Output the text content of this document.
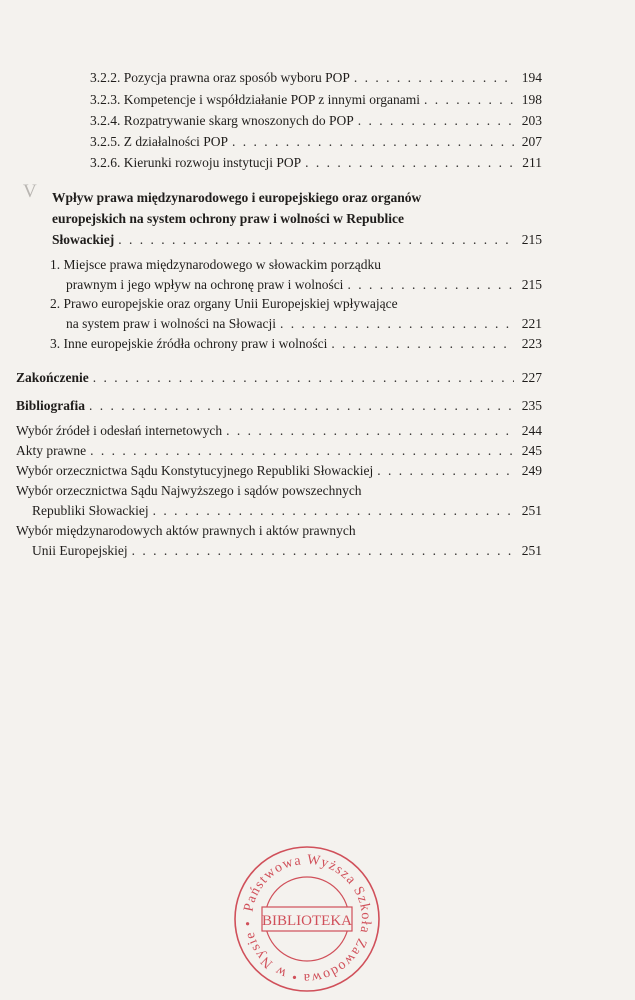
3.2.2. Pozycja prawna oraz sposób wyboru POP . . .	194
3.2.3. Kompetencje i współdziałanie POP z innymi organami . . .	198
3.2.4. Rozpatrywanie skarg wnoszonych do POP . . .	203
3.2.5. Z działalności POP . . .	207
3.2.6. Kierunki rozwoju instytucji POP . . .	211
V Wpływ prawa międzynarodowego i europejskiego oraz organów
europejskich na system ochrony praw i wolności w Republice
Słowackiej . . .	215
1. Miejsce prawa międzynarodowego w słowackim porządku
prawnym i jego wpływ na ochronę praw i wolności . . .	215
2. Prawo europejskie oraz organy Unii Europejskiej wpływające
na system praw i wolności na Słowacji . . .	221
3. Inne europejskie źródła ochrony praw i wolności . . .	223
Zakończenie . . .	227
Bibliografia . . .	235
Wybór źródeł i odesłań internetowych . . .	244
Akty prawne . . .	245
Wybór orzecznictwa Sądu Konstytucyjnego Republiki Słowackiej . . .	249
Wybór orzecznictwa Sądu Najwyższego i sądów powszechnych
Republiki Słowackiej . . .	251
Wybór międzynarodowych aktów prawnych i aktów prawnych
Unii Europejskiej . . .	251
Państwowa Wyższa Szkoła Zawodowa • w Nysie • BIBLIOTEKA
